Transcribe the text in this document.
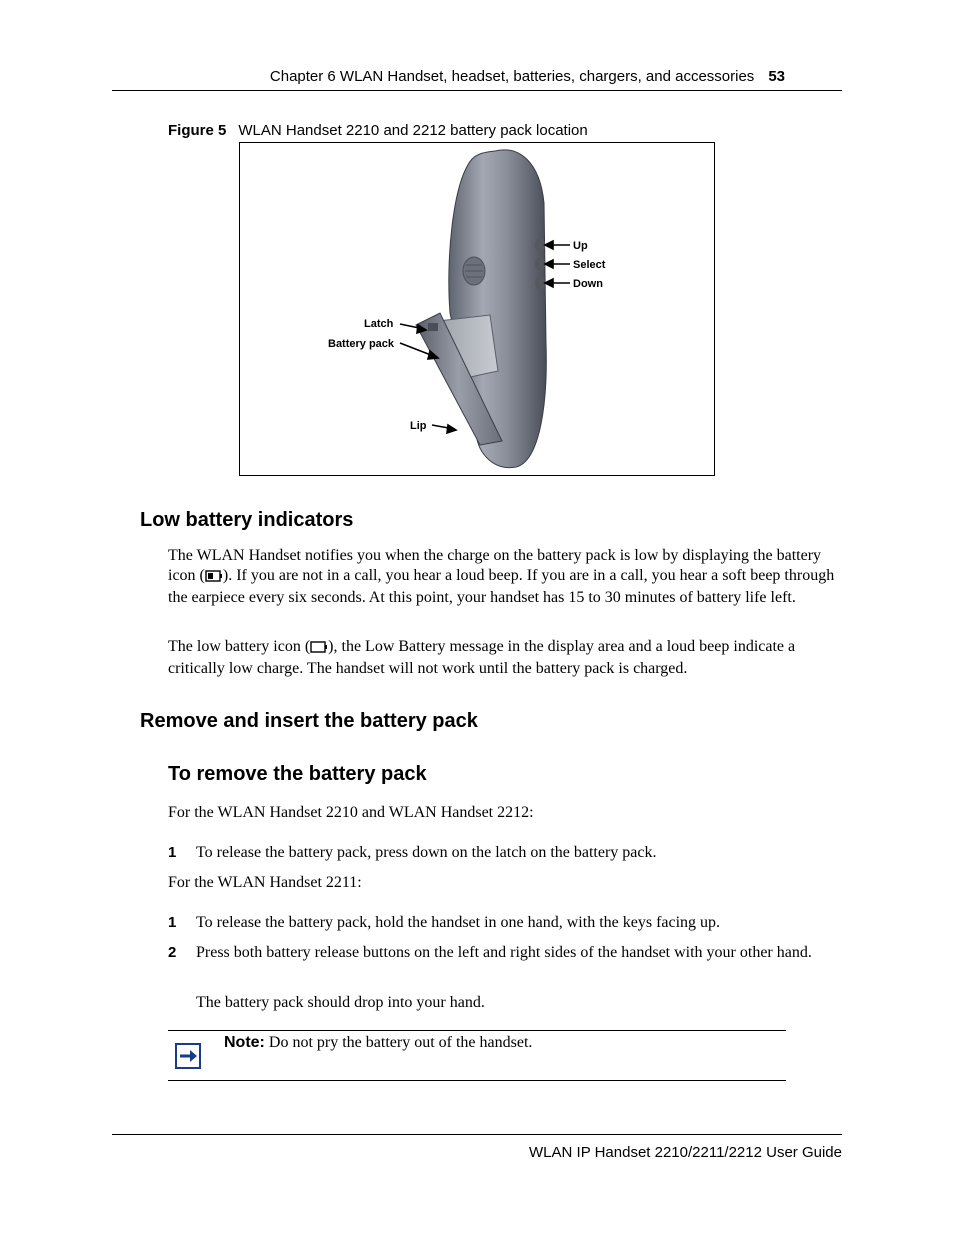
Chapter 6 WLAN Handset, headset, batteries, chargers, and accessories 53
Figure 5 WLAN Handset 2210 and 2212 battery pack location
Up
Select
Down
Latch
Battery pack
Lip
Low battery indicators

The WLAN Handset notifies you when the charge on the battery pack is low by displaying the battery icon ( ). If you are not in a call, you hear a loud beep. If you are in a call, you hear a soft beep through the earpiece every six seconds. At this point, your handset has 15 to 30 minutes of battery life left.

The low battery icon ( ), the Low Battery message in the display area and a loud beep indicate a critically low charge. The handset will not work until the battery pack is charged.

Remove and insert the battery pack
To remove the battery pack
For the WLAN Handset 2210 and WLAN Handset 2212:
1 To release the battery pack, press down on the latch on the battery pack.
For the WLAN Handset 2211:
1 To release the battery pack, hold the handset in one hand, with the keys facing up.
2 Press both battery release buttons on the left and right sides of the handset with your other hand.
The battery pack should drop into your hand.
Note: Do not pry the battery out of the handset.
WLAN IP Handset 2210/2211/2212 User Guide
